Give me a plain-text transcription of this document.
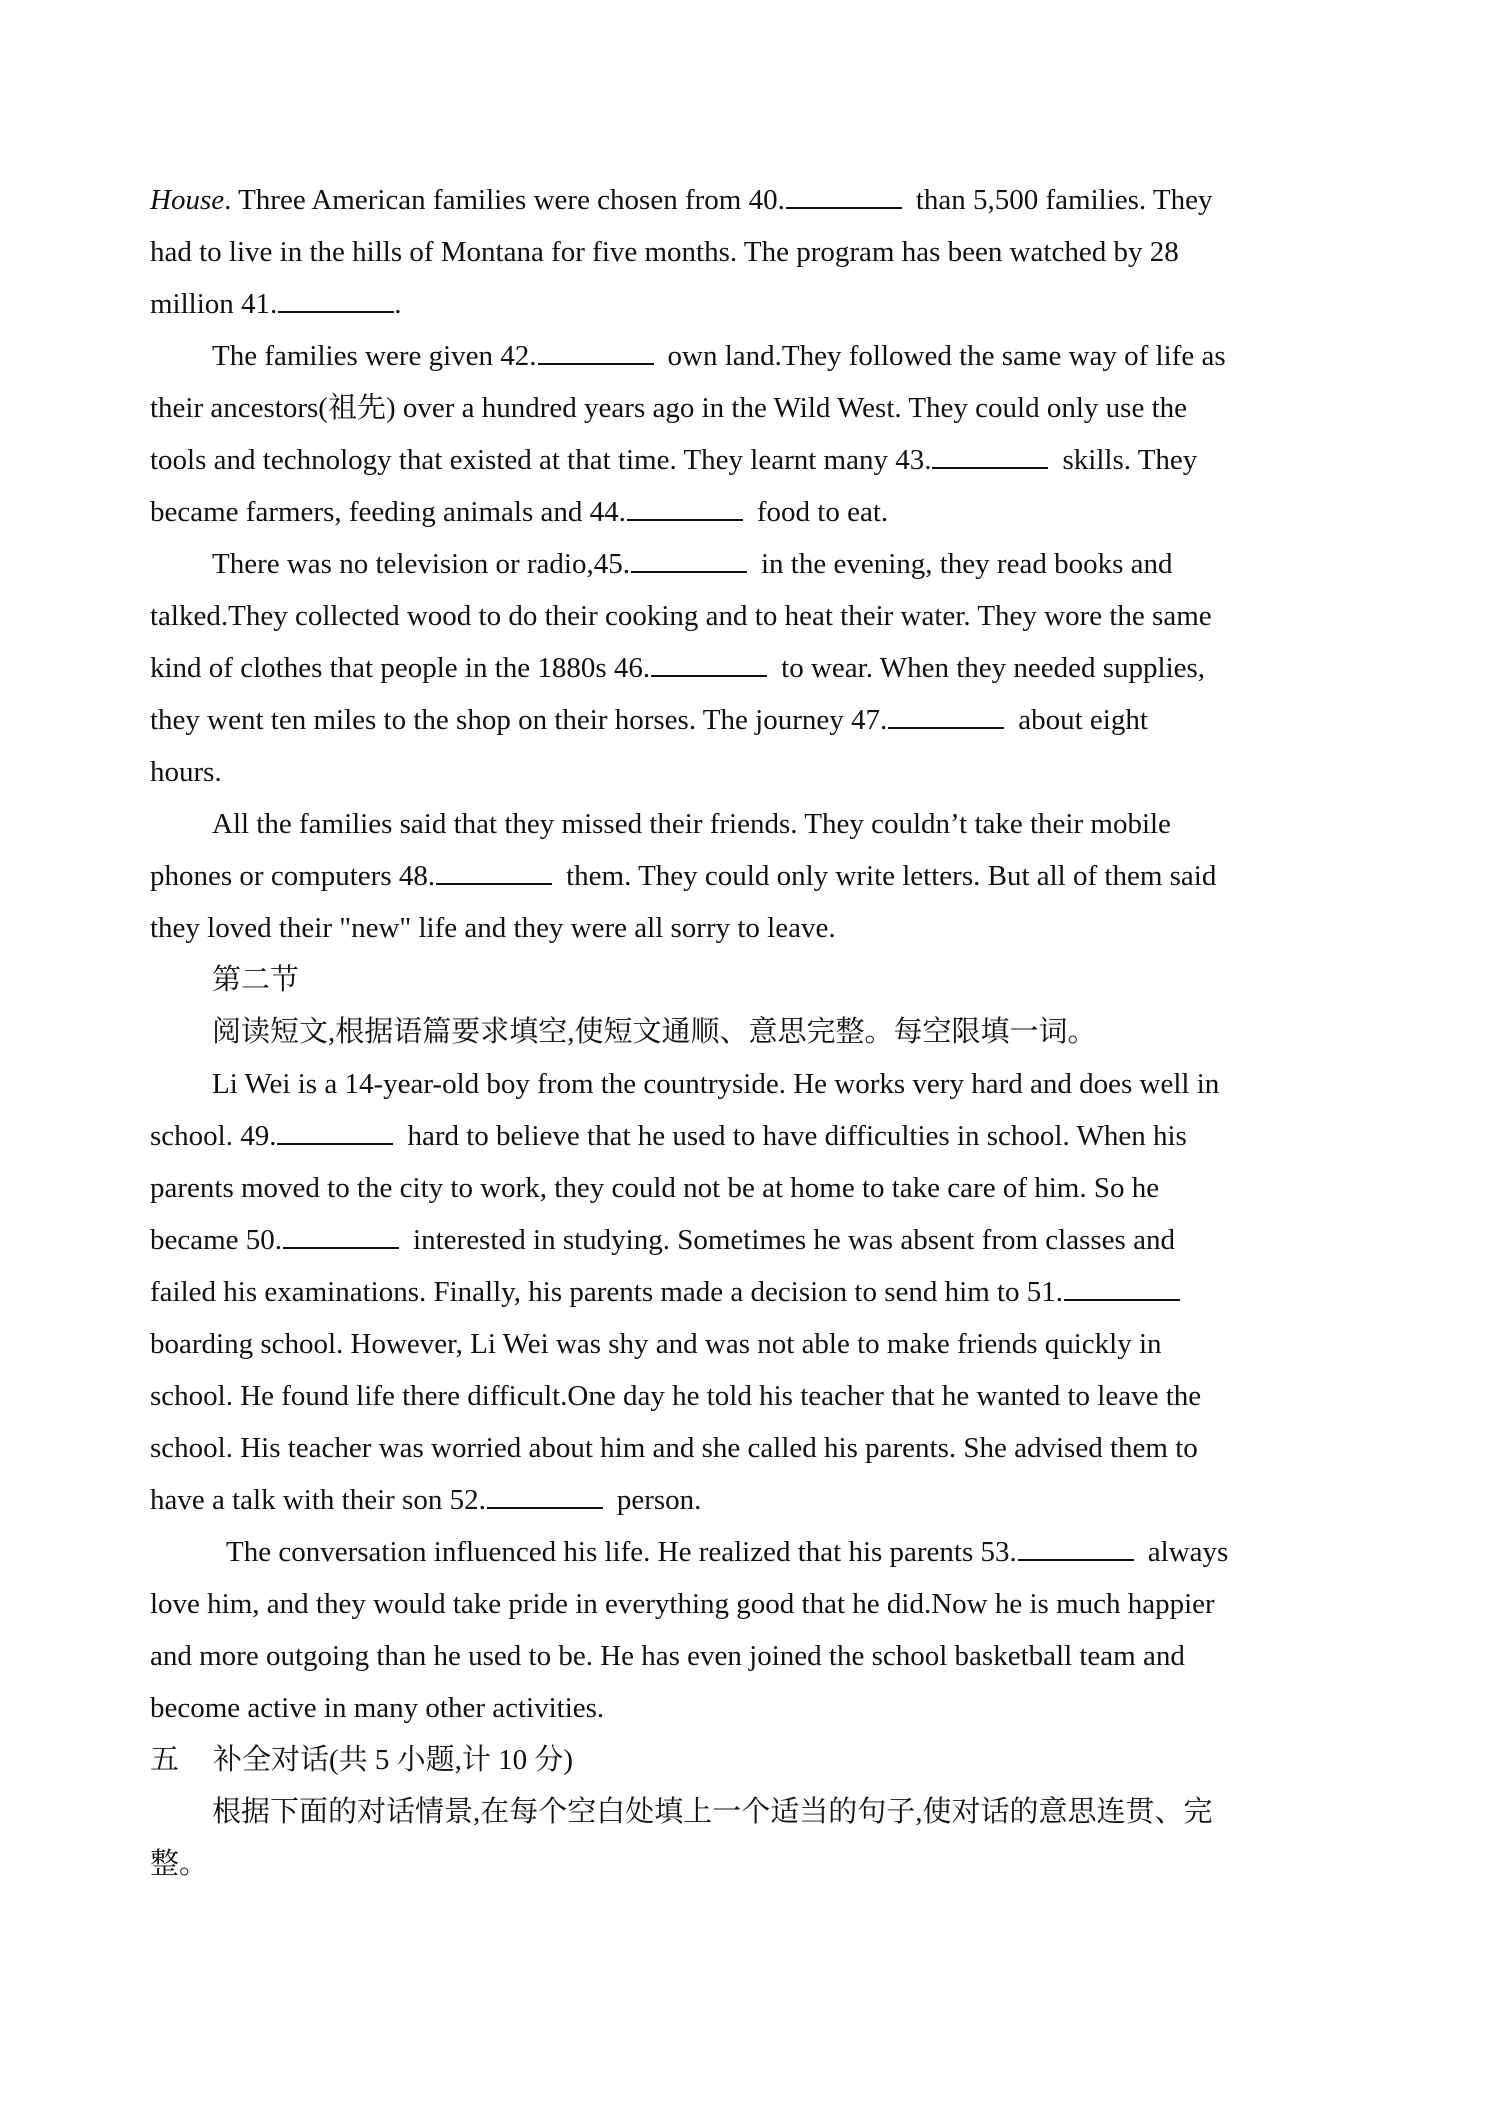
House. Three American families were chosen from 40.	than 5,500 families. They
had to live in the hills of Montana for five months. The program has been watched by 28
million 41.	.
The families were given 42.	own land.They followed the same way of life as
their ancestors(祖先) over a hundred years ago in the Wild West. They could only use the
tools and technology that existed at that time. They learnt many 43.	skills. They
became farmers, feeding animals and 44.	food to eat.
There was no television or radio,45.	in the evening, they read books and
talked.They collected wood to do their cooking and to heat their water. They wore the same
kind of clothes that people in the 1880s 46.	to wear. When they needed supplies,
they went ten miles to the shop on their horses. The journey 47.	about eight
hours.
All the families said that they missed their friends. They couldn’t take their mobile
phones or computers 48.	them. They could only write letters. But all of them said
they loved their "new" life and they were all sorry to leave.
第二节
阅读短文,根据语篇要求填空,使短文通顺、意思完整。每空限填一词。
Li Wei is a 14-year-old boy from the countryside. He works very hard and does well in
school. 49.	hard to believe that he used to have difficulties in school. When his
parents moved to the city to work, they could not be at home to take care of him. So he
became 50.	interested in studying. Sometimes he was absent from classes and
failed his examinations. Finally, his parents made a decision to send him to 51.
boarding school. However, Li Wei was shy and was not able to make friends quickly in
school. He found life there difficult.One day he told his teacher that he wanted to leave the
school. His teacher was worried about him and she called his parents. She advised them to
have a talk with their son 52.	person.
The conversation influenced his life. He realized that his parents 53.	always
love him, and they would take pride in everything good that he did.Now he is much happier
and more outgoing than he used to be. He has even joined the school basketball team and
become active in many other activities.
五 补全对话(共 5 小题,计 10 分)
根据下面的对话情景,在每个空白处填上一个适当的句子,使对话的意思连贯、完
整。
